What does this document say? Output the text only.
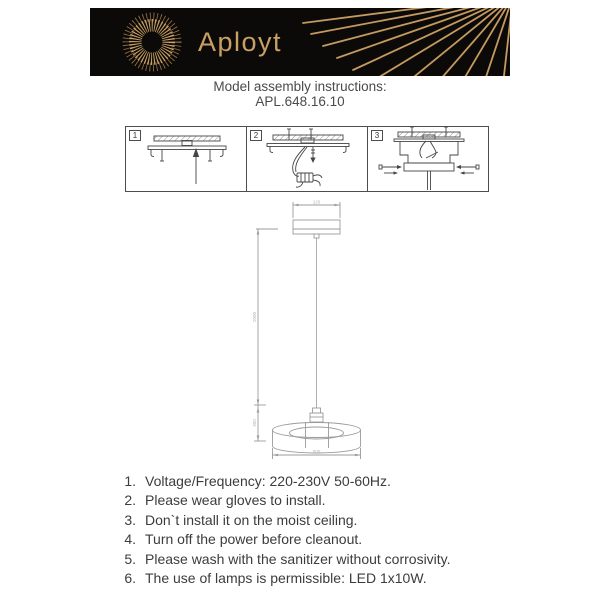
Aployt
Model assembly instructions:
APL.648.16.10
1	2	3
120
2000
300
500
1. Voltage/Frequency: 220-230V 50-60Hz.
2. Please wear gloves to install.
3. Don`t install it on the moist ceiling.
4. Turn off the power before cleanout.
5. Please wash with the sanitizer without corrosivity.
6. The use of lamps is permissible: LED 1x10W.
